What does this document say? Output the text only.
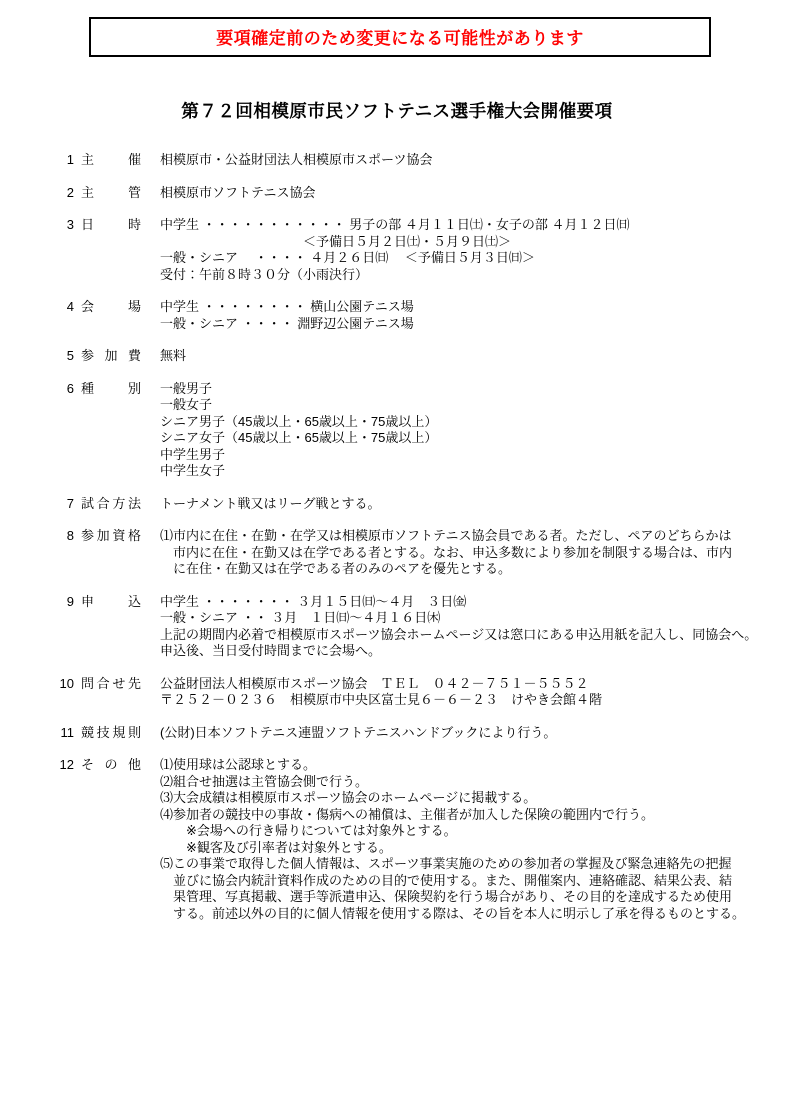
要項確定前のため変更になる可能性があります
第７２回相模原市民ソフトテニス選手権大会開催要項
1 主催 相模原市・公益財団法人相模原市スポーツ協会
2 主管 相模原市ソフトテニス協会
3 日時 中学生 ・・・・・・・・・・・ 男子の部 ４月１１日㈯・女子の部 ４月１２日㈰
　　　　　　　　　　　＜予備日５月２日㈯・５月９日㈯＞
一般・シニア　 ・・・・ ４月２６日㈰　 ＜予備日５月３日㈰＞
受付：午前８時３０分（小雨決行）
4 会場 中学生 ・・・・・・・・ 横山公園テニス場
一般・シニア ・・・・ 淵野辺公園テニス場
5 参加費 無料
6 種別 一般男子
一般女子
シニア男子（45歳以上・65歳以上・75歳以上）
シニア女子（45歳以上・65歳以上・75歳以上）
中学生男子
中学生女子
7 試合方法 トーナメント戦又はリーグ戦とする。
8 参加資格 ⑴市内に在住・在勤・在学又は相模原市ソフトテニス協会員である者。ただし、ペアのどちらかは
　市内に在住・在勤又は在学である者とする。なお、申込多数により参加を制限する場合は、市内
　に在住・在勤又は在学である者のみのペアを優先とする。
9 申込 中学生 ・・・・・・・ ３月１５日㈰～４月　３日㈮
一般・シニア ・・ ３月　１日㈰～４月１６日㈭
上記の期間内必着で相模原市スポーツ協会ホームページ又は窓口にある申込用紙を記入し、同協会へ。
申込後、当日受付時間までに会場へ。
10 問合せ先 公益財団法人相模原市スポーツ協会　ＴＥＬ　０４２－７５１－５５５２
〒２５２－０２３６　相模原市中央区富士見６－６－２３　けやき会館４階
11 競技規則 (公財)日本ソフトテニス連盟ソフトテニスハンドブックにより行う。
12 その他 ⑴使用球は公認球とする。
⑵組合せ抽選は主管協会側で行う。
⑶大会成績は相模原市スポーツ協会のホームページに掲載する。
⑷参加者の競技中の事故・傷病への補償は、主催者が加入した保険の範囲内で行う。
　　※会場への行き帰りについては対象外とする。
　　※観客及び引率者は対象外とする。
⑸この事業で取得した個人情報は、スポーツ事業実施のための参加者の掌握及び緊急連絡先の把握
　並びに協会内統計資料作成のための目的で使用する。また、開催案内、連絡確認、結果公表、結
　果管理、写真掲載、選手等派遣申込、保険契約を行う場合があり、その目的を達成するため使用
　する。前述以外の目的に個人情報を使用する際は、その旨を本人に明示し了承を得るものとする。
